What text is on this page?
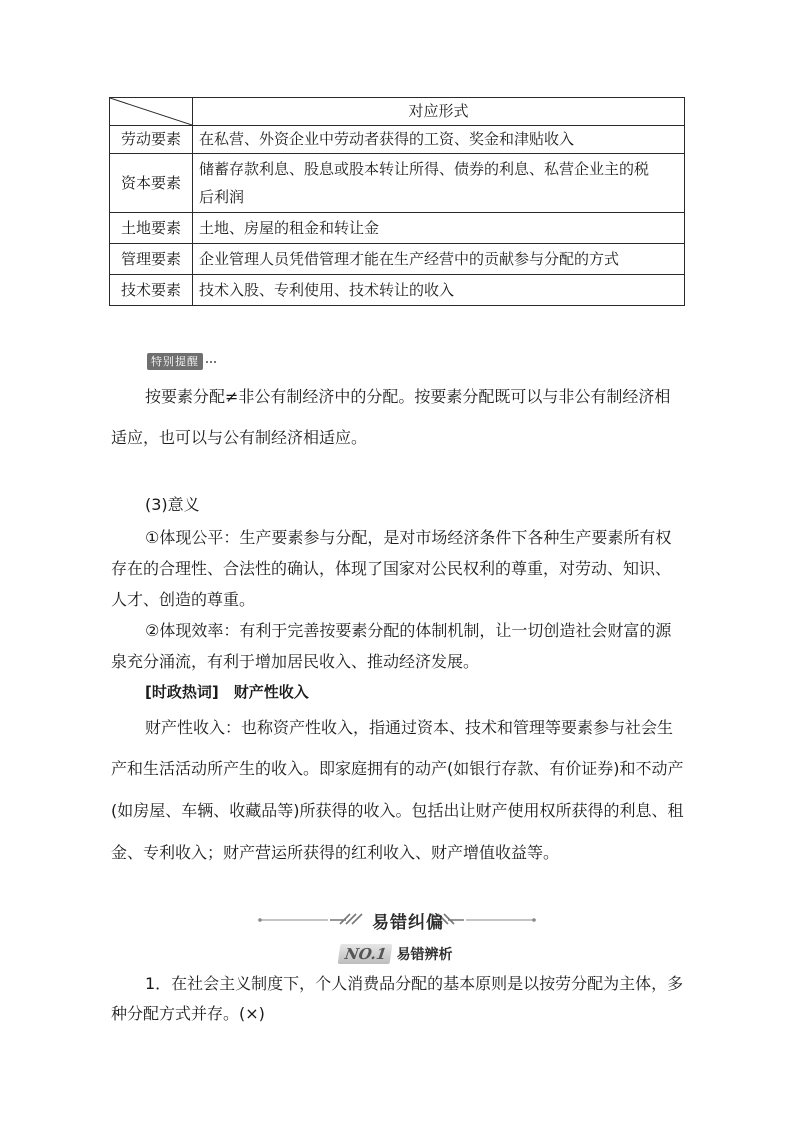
	对应形式
劳动要素	在私营、外资企业中劳动者获得的工资、奖金和津贴收入
资本要素	储蓄存款利息、股息或股本转让所得、债券的利息、私营企业主的税
后利润

土地要素	土地、房屋的租金和转让金
管理要素	企业管理人员凭借管理才能在生产经营中的贡献参与分配的方式
技术要素	技术入股、专利使用、技术转让的收入
特别提醒
按要素分配≠非公有制经济中的分配。按要素分配既可以与非公有制经济相
适应，也可以与公有制经济相适应。
(3)意义
①体现公平：生产要素参与分配，是对市场经济条件下各种生产要素所有权
存在的合理性、合法性的确认，体现了国家对公民权利的尊重，对劳动、知识、
人才、创造的尊重。
②体现效率：有利于完善按要素分配的体制机制，让一切创造社会财富的源
泉充分涌流，有利于增加居民收入、推动经济发展。
[时政热词]　财产性收入
财产性收入：也称资产性收入，指通过资本、技术和管理等要素参与社会生
产和生活活动所产生的收入。即家庭拥有的动产(如银行存款、有价证券)和不动产
(如房屋、车辆、收藏品等)所获得的收入。包括出让财产使用权所获得的利息、租
金、专利收入；财产营运所获得的红利收入、财产增值收益等。
易错纠偏
NO.1 易错辨析
1．在社会主义制度下，个人消费品分配的基本原则是以按劳分配为主体，多
种分配方式并存。(×)
